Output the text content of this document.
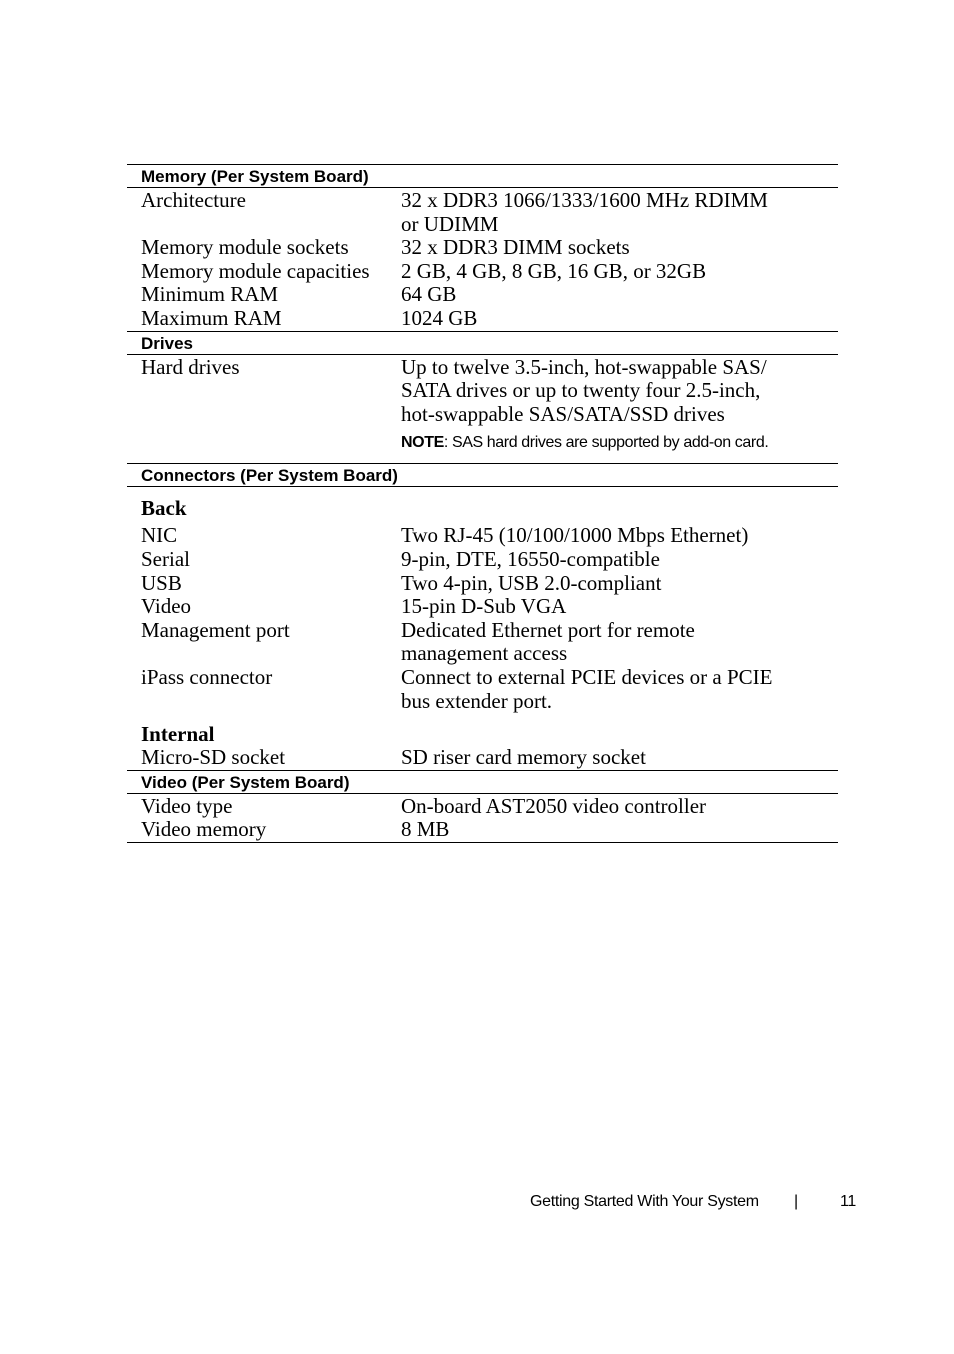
Memory (Per System Board)
Architecture	32 x DDR3 1066/1333/1600 MHz RDIMM
or UDIMM
Memory module sockets	32 x DDR3 DIMM sockets
Memory module capacities	2 GB, 4 GB, 8 GB, 16 GB, or 32GB
Minimum RAM	64 GB
Maximum RAM	1024 GB
Drives
Hard drives	Up to twelve 3.5-inch, hot-swappable SAS/
SATA drives or up to twenty four 2.5-inch,
hot-swappable SAS/SATA/SSD drives
NOTE: SAS hard drives are supported by add-on card.
Connectors (Per System Board)
Back
NIC	Two RJ-45 (10/100/1000 Mbps Ethernet)
Serial	9-pin, DTE, 16550-compatible
USB	Two 4-pin, USB 2.0-compliant
Video	15-pin D-Sub VGA
Management port	Dedicated Ethernet port for remote
management access
iPass connector	Connect to external PCIE devices or a PCIE
bus extender port.
Internal
Micro-SD socket	SD riser card memory socket
Video (Per System Board)
Video type	On-board AST2050 video controller
Video memory	8 MB
Getting Started With Your System |	11
